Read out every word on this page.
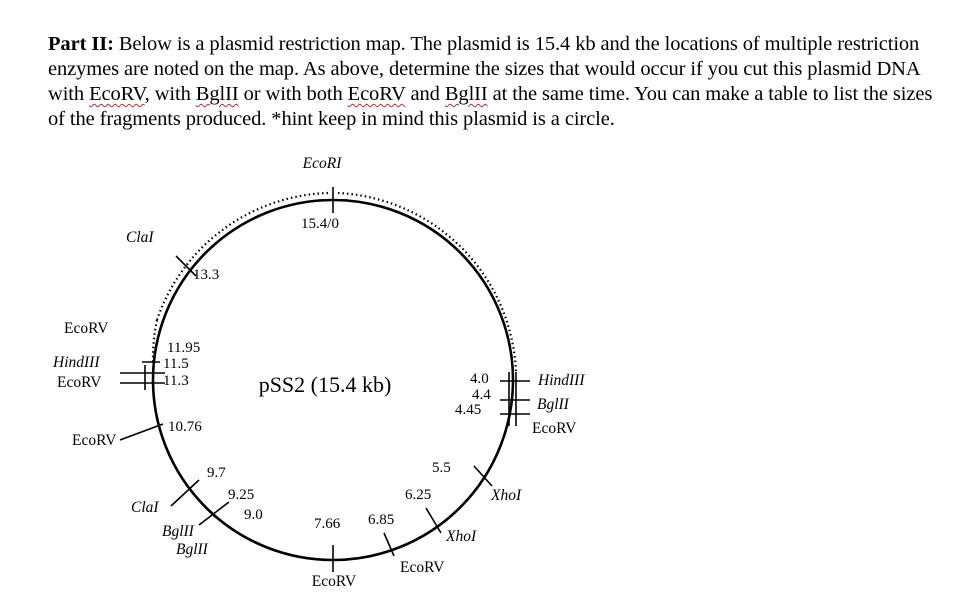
Part II: Below is a plasmid restriction map. The plasmid is 15.4 kb and the locations of multiple restriction enzymes are noted on the map. As above, determine the sizes that would occur if you cut this plasmid DNA with EcoRV, with BglII or with both EcoRV and BglII at the same time. You can make a table to list the sizes of the fragments produced. *hint keep in mind this plasmid is a circle.
pSS2 (15.4 kb)
EcoRI
15.4/0
ClaI
13.3
EcoRV
11.95
HindIII	11.5
EcoRV	11.3
10.76
EcoRV
9.7
ClaI
9.25
9.0
BglII
BglII
7.66
EcoRV
6.85
EcoRV
6.25
XhoI
5.5
XhoI
4.0
4.4
4.45
HindIII
BglII
EcoRV
